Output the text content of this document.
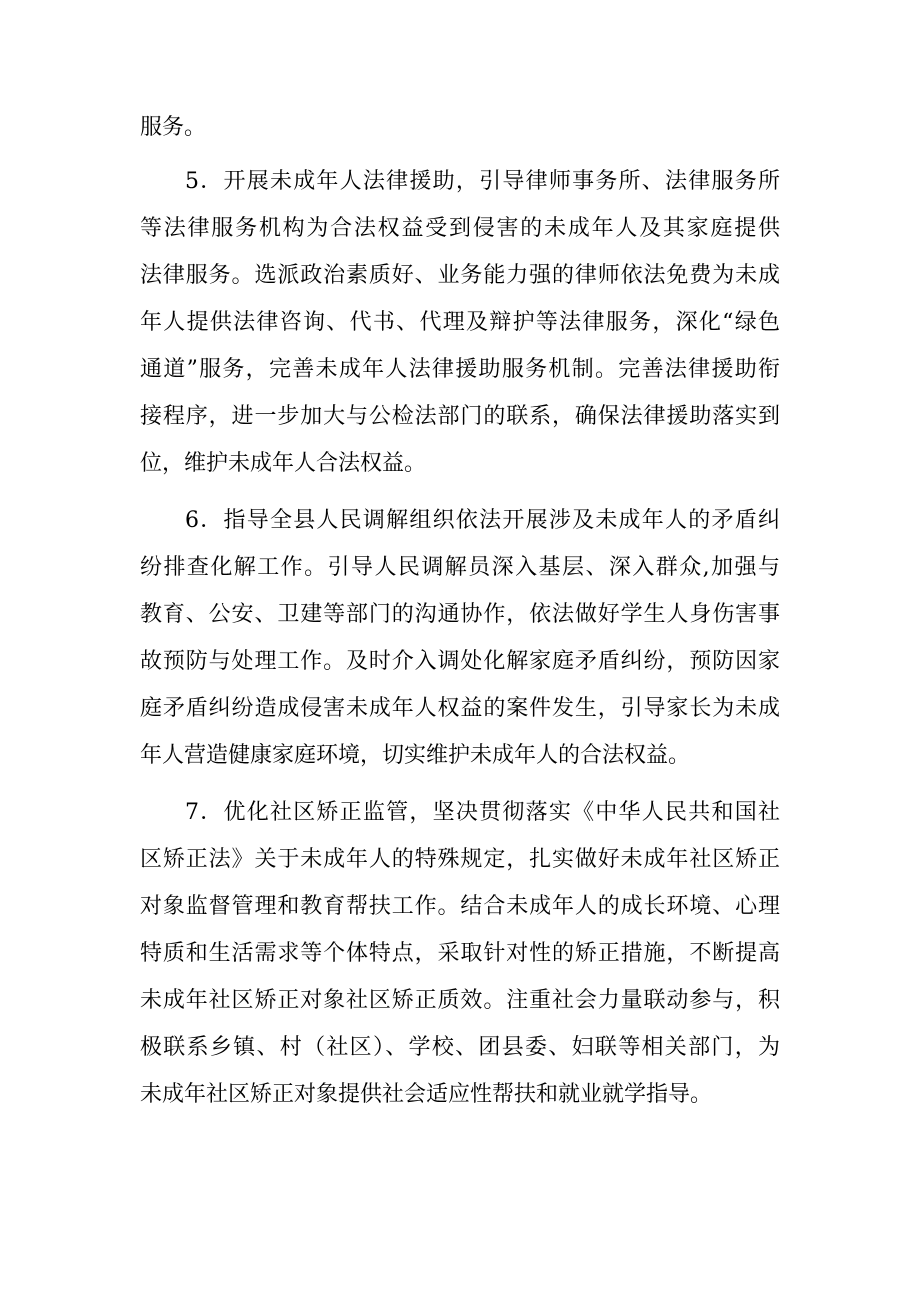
服务。
5．开展未成年人法律援助，引导律师事务所、法律服务所
等法律服务机构为合法权益受到侵害的未成年人及其家庭提供
法律服务。选派政治素质好、业务能力强的律师依法免费为未成
年人提供法律咨询、代书、代理及辩护等法律服务，深化“绿色
通道”服务，完善未成年人法律援助服务机制。完善法律援助衔
接程序，进一步加大与公检法部门的联系，确保法律援助落实到
位，维护未成年人合法权益。
6．指导全县人民调解组织依法开展涉及未成年人的矛盾纠
纷排查化解工作。引导人民调解员深入基层、深入群众,加强与
教育、公安、卫建等部门的沟通协作，依法做好学生人身伤害事
故预防与处理工作。及时介入调处化解家庭矛盾纠纷，预防因家
庭矛盾纠纷造成侵害未成年人权益的案件发生，引导家长为未成
年人营造健康家庭环境，切实维护未成年人的合法权益。
7．优化社区矫正监管，坚决贯彻落实《中华人民共和国社
区矫正法》关于未成年人的特殊规定，扎实做好未成年社区矫正
对象监督管理和教育帮扶工作。结合未成年人的成长环境、心理
特质和生活需求等个体特点，采取针对性的矫正措施，不断提高
未成年社区矫正对象社区矫正质效。注重社会力量联动参与，积
极联系乡镇、村（社区）、学校、团县委、妇联等相关部门，为
未成年社区矫正对象提供社会适应性帮扶和就业就学指导。
